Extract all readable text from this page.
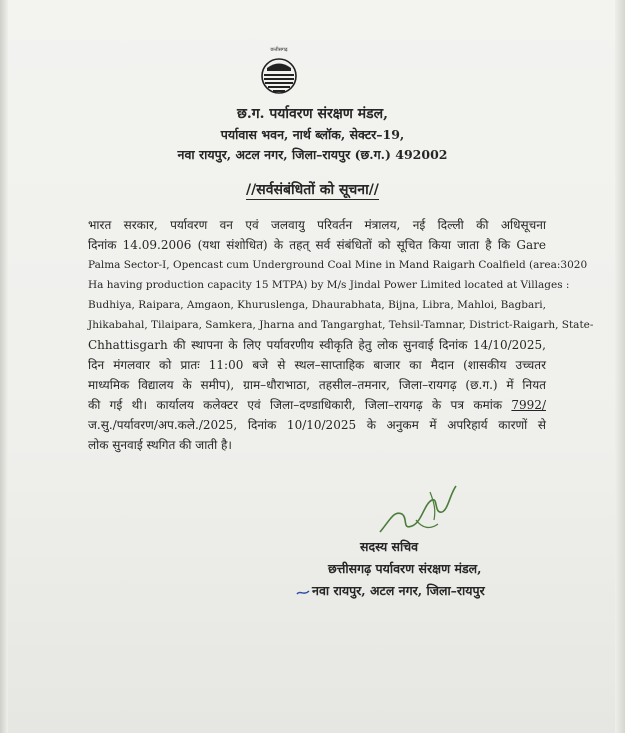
छत्तीसगढ़
छ.ग. पर्यावरण संरक्षण मंडल,
पर्यावास भवन, नार्थ ब्लॉक, सेक्टर–19,
नवा रायपुर, अटल नगर, जिला–रायपुर (छ.ग.) 492002
//सर्वसंबंधितों को सूचना//
भारत सरकार, पर्यावरण वन एवं जलवायु परिवर्तन मंत्रालय, नई दिल्ली की अधिसूचना
दिनांक 14.09.2006 (यथा संशोधित) के तहत् सर्व संबंधितों को सूचित किया जाता है कि Gare
Palma Sector-I, Opencast cum Underground Coal Mine in Mand Raigarh Coalfield (area:3020
Ha having production capacity 15 MTPA) by M/s Jindal Power Limited located at Villages :
Budhiya, Raipara, Amgaon, Khuruslenga, Dhaurabhata, Bijna, Libra, Mahloi, Bagbari,
Jhikabahal, Tilaipara, Samkera, Jharna and Tangarghat, Tehsil-Tamnar, District-Raigarh, State-
Chhattisgarh की स्थापना के लिए पर्यावरणीय स्वीकृति हेतु लोक सुनवाई दिनांक 14/10/2025,
दिन मंगलवार को प्रातः 11:00 बजे से स्थल–साप्ताहिक बाजार का मैदान (शासकीय उच्चतर
माध्यमिक विद्यालय के समीप), ग्राम–धौराभाठा, तहसील–तमनार, जिला–रायगढ़ (छ.ग.) में नियत
की गई थी। कार्यालय कलेक्टर एवं जिला–दण्डाधिकारी, जिला–रायगढ़ के पत्र कमांक 7992/
ज.सु./पर्यावरण/अप.कले./2025, दिनांक 10/10/2025 के अनुकम में अपरिहार्य कारणों से
लोक सुनवाई स्थगित की जाती है।
सदस्य सचिव
छत्तीसगढ़ पर्यावरण संरक्षण मंडल,
नवा रायपुर, अटल नगर, जिला–रायपुर
